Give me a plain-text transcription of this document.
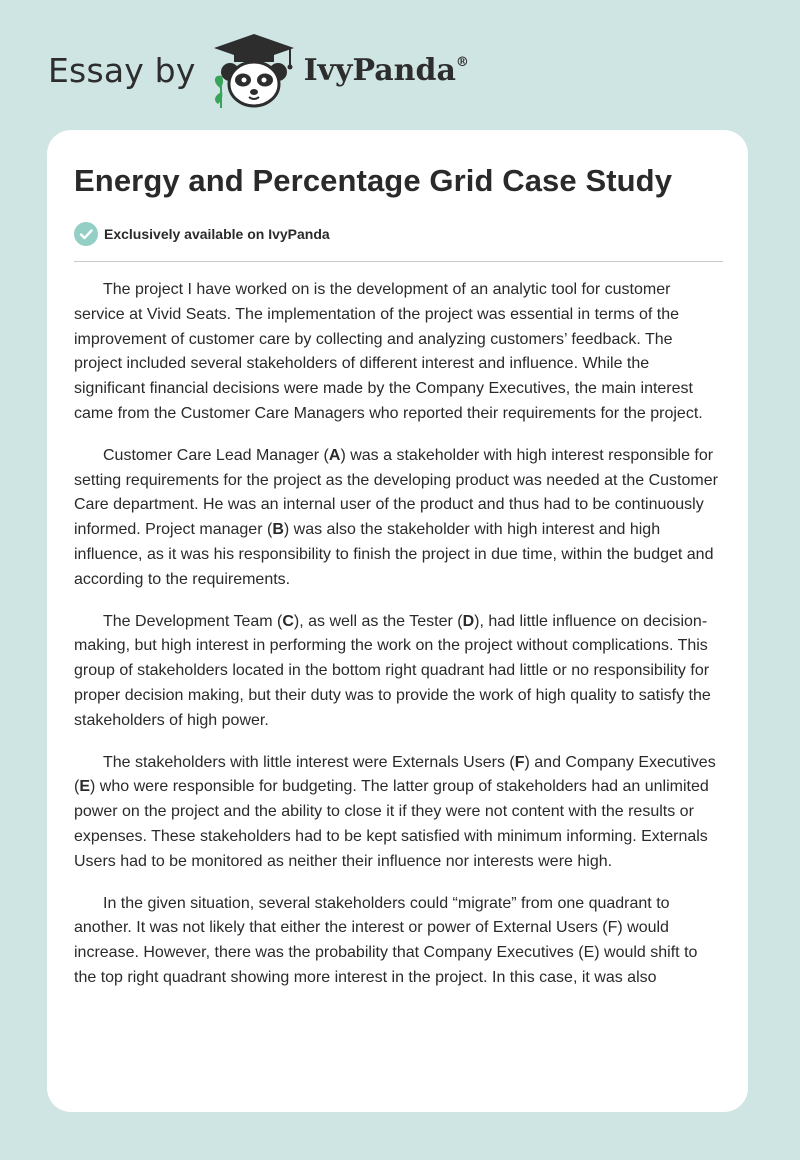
Essay by	IvyPanda®
Energy and Percentage Grid Case Study
Exclusively available on IvyPanda

The project I have worked on is the development of an analytic tool for customer service at Vivid Seats. The implementation of the project was essential in terms of the improvement of customer care by collecting and analyzing customers’ feedback. The project included several stakeholders of different interest and influence. While the significant financial decisions were made by the Company Executives, the main interest came from the Customer Care Managers who reported their requirements for the project.

Customer Care Lead Manager (A) was a stakeholder with high interest responsible for setting requirements for the project as the developing product was needed at the Customer Care department. He was an internal user of the product and thus had to be continuously informed. Project manager (B) was also the stakeholder with high interest and high influence, as it was his responsibility to finish the project in due time, within the budget and according to the requirements.

The Development Team (C), as well as the Tester (D), had little influence on decision-making, but high interest in performing the work on the project without complications. This group of stakeholders located in the bottom right quadrant had little or no responsibility for proper decision making, but their duty was to provide the work of high quality to satisfy the stakeholders of high power.

The stakeholders with little interest were Externals Users (F) and Company Executives (E) who were responsible for budgeting. The latter group of stakeholders had an unlimited power on the project and the ability to close it if they were not content with the results or expenses. These stakeholders had to be kept satisfied with minimum informing. Externals Users had to be monitored as neither their influence nor interests were high.

In the given situation, several stakeholders could “migrate” from one quadrant to another. It was not likely that either the interest or power of External Users (F) would increase. However, there was the probability that Company Executives (E) would shift to the top right quadrant showing more interest in the project. In this case, it was also
